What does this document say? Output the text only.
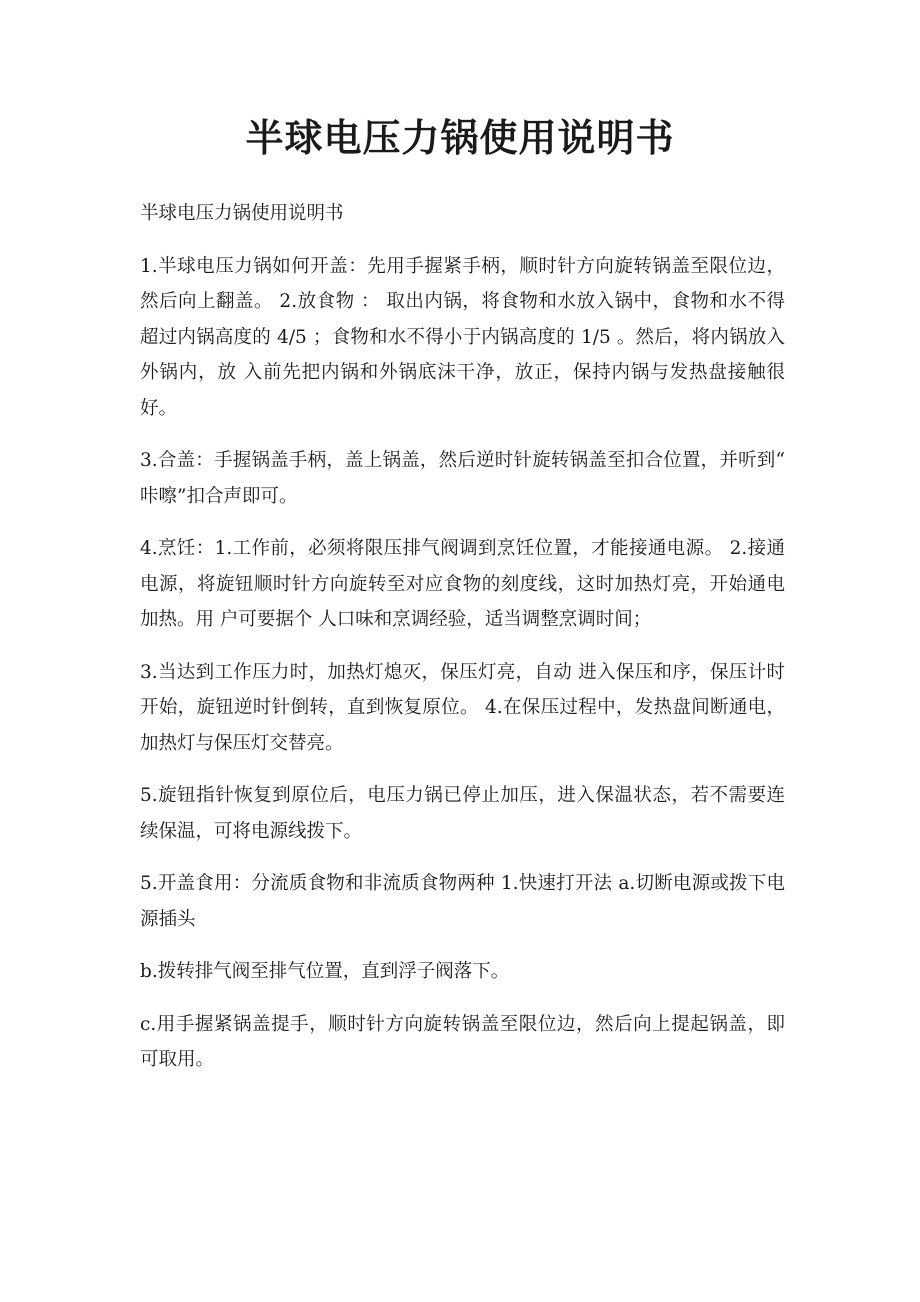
半球电压力锅使用说明书

半球电压力锅使用说明书

1.半球电压力锅如何开盖：先用手握紧手柄，顺时针方向旋转锅盖至限位边，然后向上翻盖。 2.放食物 ： 取出内锅，将食物和水放入锅中，食物和水不得超过内锅高度的 4/5 ；食物和水不得小于内锅高度的 1/5 。然后，将内锅放入外锅内，放 入前先把内锅和外锅底沫干净，放正，保持内锅与发热盘接触很好。

3.合盖：手握锅盖手柄，盖上锅盖，然后逆时针旋转锅盖至扣合位置，并听到“ 咔嚓”扣合声即可。

4.烹饪：1.工作前，必须将限压排气阀调到烹饪位置，才能接通电源。 2.接通电源，将旋钮顺时针方向旋转至对应食物的刻度线，这时加热灯亮，开始通电加热。用 户可要据个 人口味和烹调经验，适当调整烹调时间；

3.当达到工作压力时，加热灯熄灭，保压灯亮，自动 进入保压和序，保压计时开始，旋钮逆时针倒转，直到恢复原位。 4.在保压过程中，发热盘间断通电，加热灯与保压灯交替亮。

5.旋钮指针恢复到原位后，电压力锅已停止加压，进入保温状态，若不需要连续保温，可将电源线拨下。

5.开盖食用：分流质食物和非流质食物两种 1.快速打开法 a.切断电源或拨下电源插头

b.拨转排气阀至排气位置，直到浮子阀落下。

c.用手握紧锅盖提手，顺时针方向旋转锅盖至限位边，然后向上提起锅盖，即可取用。
